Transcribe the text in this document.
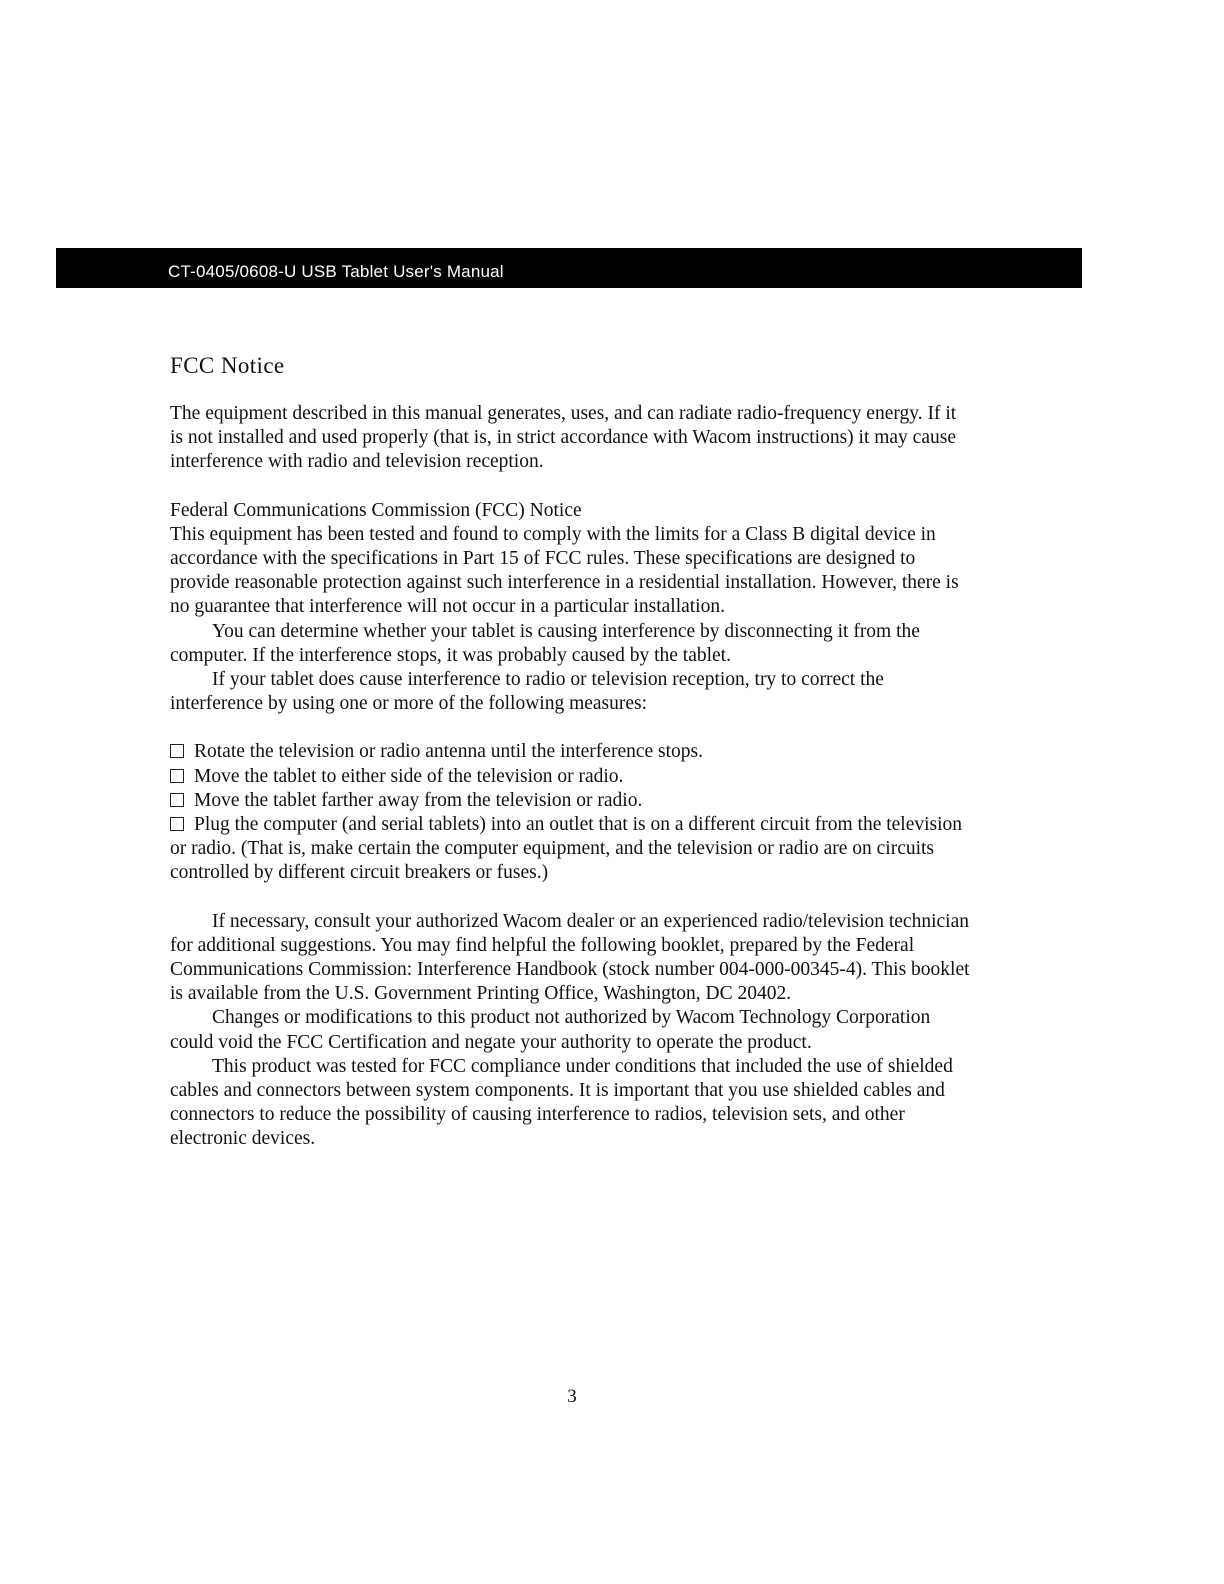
CT-0405/0608-U USB Tablet User's Manual
FCC Notice

The equipment described in this manual generates, uses, and can radiate radio-frequency energy. If it is not installed and used properly (that is, in strict accordance with Wacom instructions) it may cause interference with radio and television reception.

Federal Communications Commission (FCC) Notice

This equipment has been tested and found to comply with the limits for a Class B digital device in accordance with the specifications in Part 15 of FCC rules. These specifications are designed to provide reasonable protection against such interference in a residential installation. However, there is no guarantee that interference will not occur in a particular installation.

You can determine whether your tablet is causing interference by disconnecting it from the computer. If the interference stops, it was probably caused by the tablet.

If your tablet does cause interference to radio or television reception, try to correct the interference by using one or more of the following measures:

Rotate the television or radio antenna until the interference stops.
Move the tablet to either side of the television or radio.
Move the tablet farther away from the television or radio.
Plug the computer (and serial tablets) into an outlet that is on a different circuit from the television or radio. (That is, make certain the computer equipment, and the television or radio are on circuits controlled by different circuit breakers or fuses.)

If necessary, consult your authorized Wacom dealer or an experienced radio/television technician for additional suggestions. You may find helpful the following booklet, prepared by the Federal Communications Commission: Interference Handbook (stock number 004-000-00345-4). This booklet is available from the U.S. Government Printing Office, Washington, DC 20402.

Changes or modifications to this product not authorized by Wacom Technology Corporation could void the FCC Certification and negate your authority to operate the product.

This product was tested for FCC compliance under conditions that included the use of shielded cables and connectors between system components. It is important that you use shielded cables and connectors to reduce the possibility of causing interference to radios, television sets, and other electronic devices.

3
